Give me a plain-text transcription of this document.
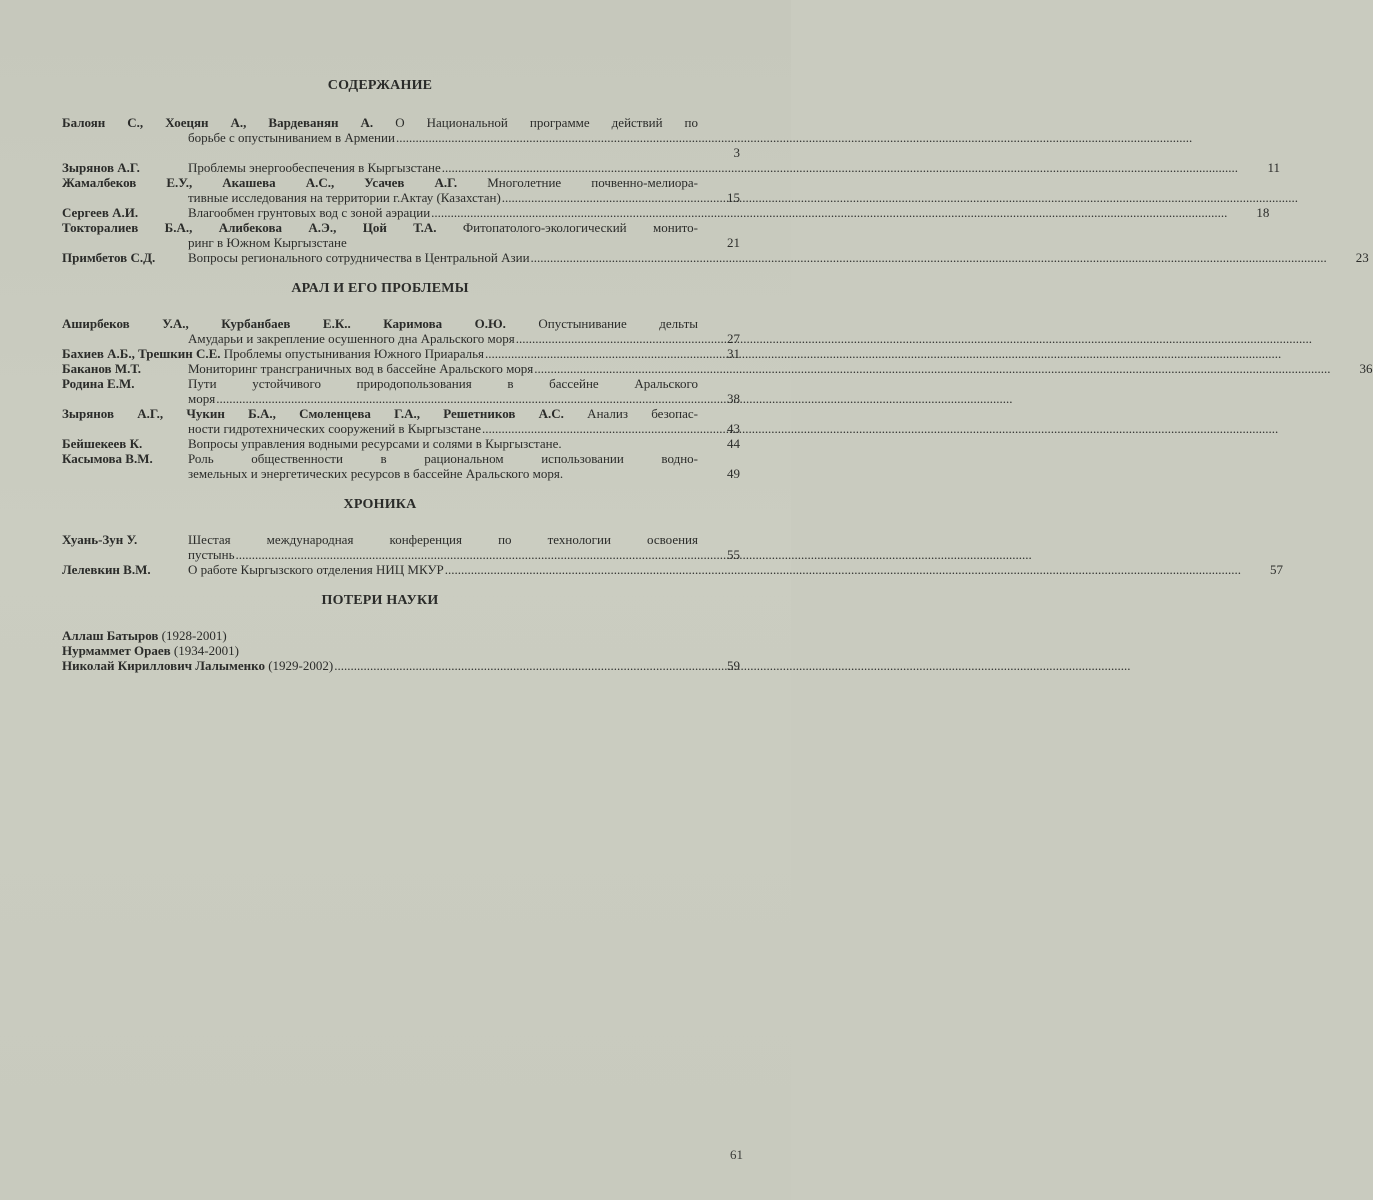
СОДЕРЖАНИЕ
Балоян С., Хоецян А., Вардеванян А. О Национальной программе действий по
борьбе с опустыниванием в Армении
.....
3

Зырянов А.Г.	Проблемы энергообеспечения в Кыргызстане .....	11
Жамалбеков Е.У., Акашева А.С., Усачев А.Г. Многолетние почвенно-мелиора-
тивные исследования на территории г.Актау (Казахстан) .....	15
Сергеев А.И.	Влагообмен грунтовых вод с зоной аэрации .....	18
Токторалиев Б.А., Алибекова А.Э., Цой Т.А. Фитопатолого-экологический монито-
ринг в Южном Кыргызстане	21
Примбетов С.Д.	Вопросы регионального сотрудничества в Центральной Азии .....	23
АРАЛ И ЕГО ПРОБЛЕМЫ
Аширбеков У.А., Курбанбаев Е.К.. Каримова О.Ю. Опустынивание дельты
Амударьи и закрепление осушенного дна Аральского моря .....	27
Бахиев А.Б., Трешкин С.Е. Проблемы опустынивания Южного Приаралья .....	31
Баканов М.Т.	Мониторинг трансграничных вод в бассейне Аральского моря .....	36
Родина Е.М.	Пути устойчивого природопользования в бассейне Аральского
моря .....	38
Зырянов А.Г., Чукин Б.А., Смоленцева Г.А., Решетников А.С. Анализ безопас-
ности гидротехнических сооружений в Кыргызстане .....	43
Бейшекеев К.	Вопросы управления водными ресурсами и солями в Кыргызстане.	44
Касымова В.М.	Роль общественности в рациональном использовании водно-
земельных и энергетических ресурсов в бассейне Аральского моря.	49
ХРОНИКА
Хуань-Зун У.	Шестая международная конференция по технологии освоения
пустынь .....	55
Лелевкин В.М.	О работе Кыргызского отделения НИЦ МКУР .....	57
ПОТЕРИ НАУКИ
Аллаш Батыров (1928-2001)
Нурмаммет Ораев (1934-2001)
Николай Кириллович Лалыменко (1929-2002) .....	59
61
